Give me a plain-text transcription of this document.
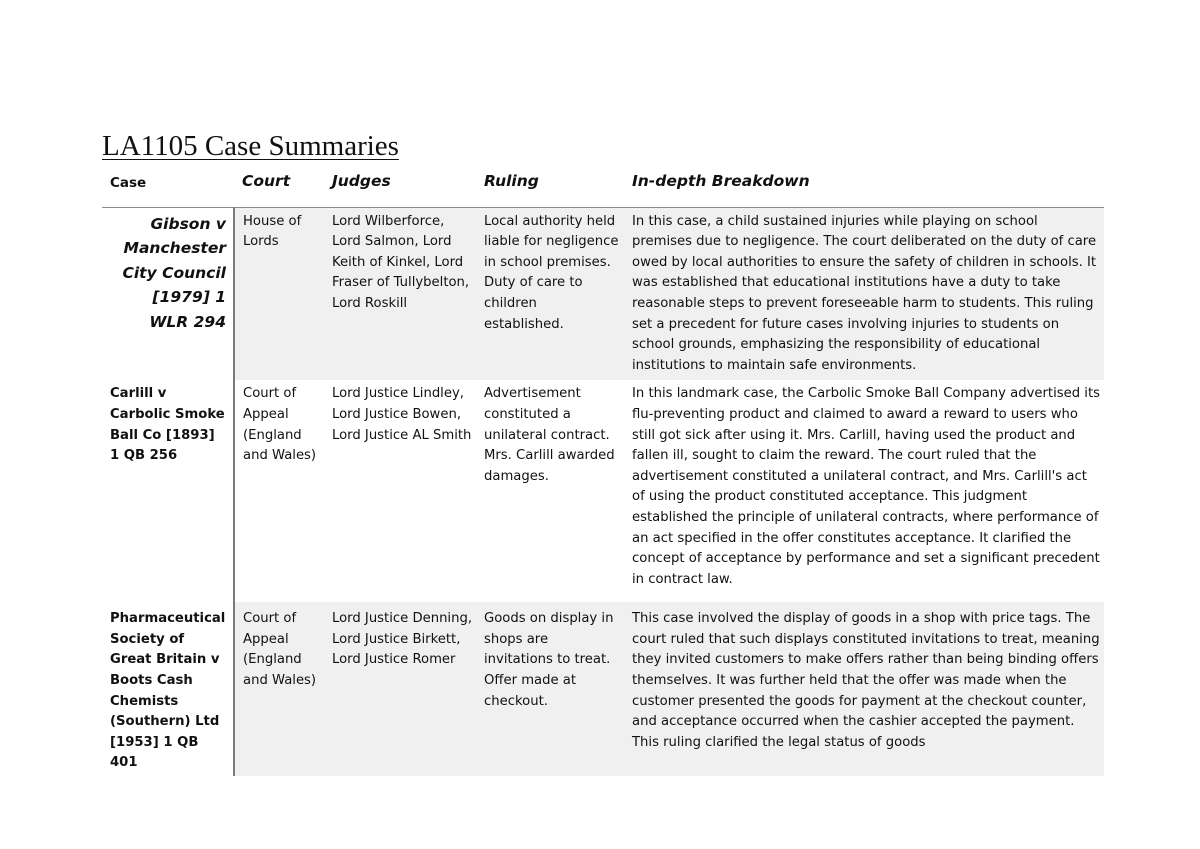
LA1105 Case Summaries
Case	Court	Judges	Ruling	In-depth Breakdown
Gibson v Manchester City Council [1979] 1 WLR 294	House of Lords	Lord Wilberforce, Lord Salmon, Lord Keith of Kinkel, Lord Fraser of Tullybelton, Lord Roskill	Local authority held liable for negligence in school premises. Duty of care to children established.	In this case, a child sustained injuries while playing on school premises due to negligence. The court deliberated on the duty of care owed by local authorities to ensure the safety of children in schools. It was established that educational institutions have a duty to take reasonable steps to prevent foreseeable harm to students. This ruling set a precedent for future cases involving injuries to students on school grounds, emphasizing the responsibility of educational institutions to maintain safe environments.
Carlill v Carbolic Smoke Ball Co [1893] 1 QB 256	Court of Appeal (England and Wales)	Lord Justice Lindley, Lord Justice Bowen, Lord Justice AL Smith	Advertisement constituted a unilateral contract. Mrs. Carlill awarded damages.	In this landmark case, the Carbolic Smoke Ball Company advertised its flu-preventing product and claimed to award a reward to users who still got sick after using it. Mrs. Carlill, having used the product and fallen ill, sought to claim the reward. The court ruled that the advertisement constituted a unilateral contract, and Mrs. Carlill's act of using the product constituted acceptance. This judgment established the principle of unilateral contracts, where performance of an act specified in the offer constitutes acceptance. It clarified the concept of acceptance by performance and set a significant precedent in contract law.
Pharmaceutical Society of Great Britain v Boots Cash Chemists (Southern) Ltd [1953] 1 QB 401	Court of Appeal (England and Wales)	Lord Justice Denning, Lord Justice Birkett, Lord Justice Romer	Goods on display in shops are invitations to treat. Offer made at checkout.	This case involved the display of goods in a shop with price tags. The court ruled that such displays constituted invitations to treat, meaning they invited customers to make offers rather than being binding offers themselves. It was further held that the offer was made when the customer presented the goods for payment at the checkout counter, and acceptance occurred when the cashier accepted the payment. This ruling clarified the legal status of goods
